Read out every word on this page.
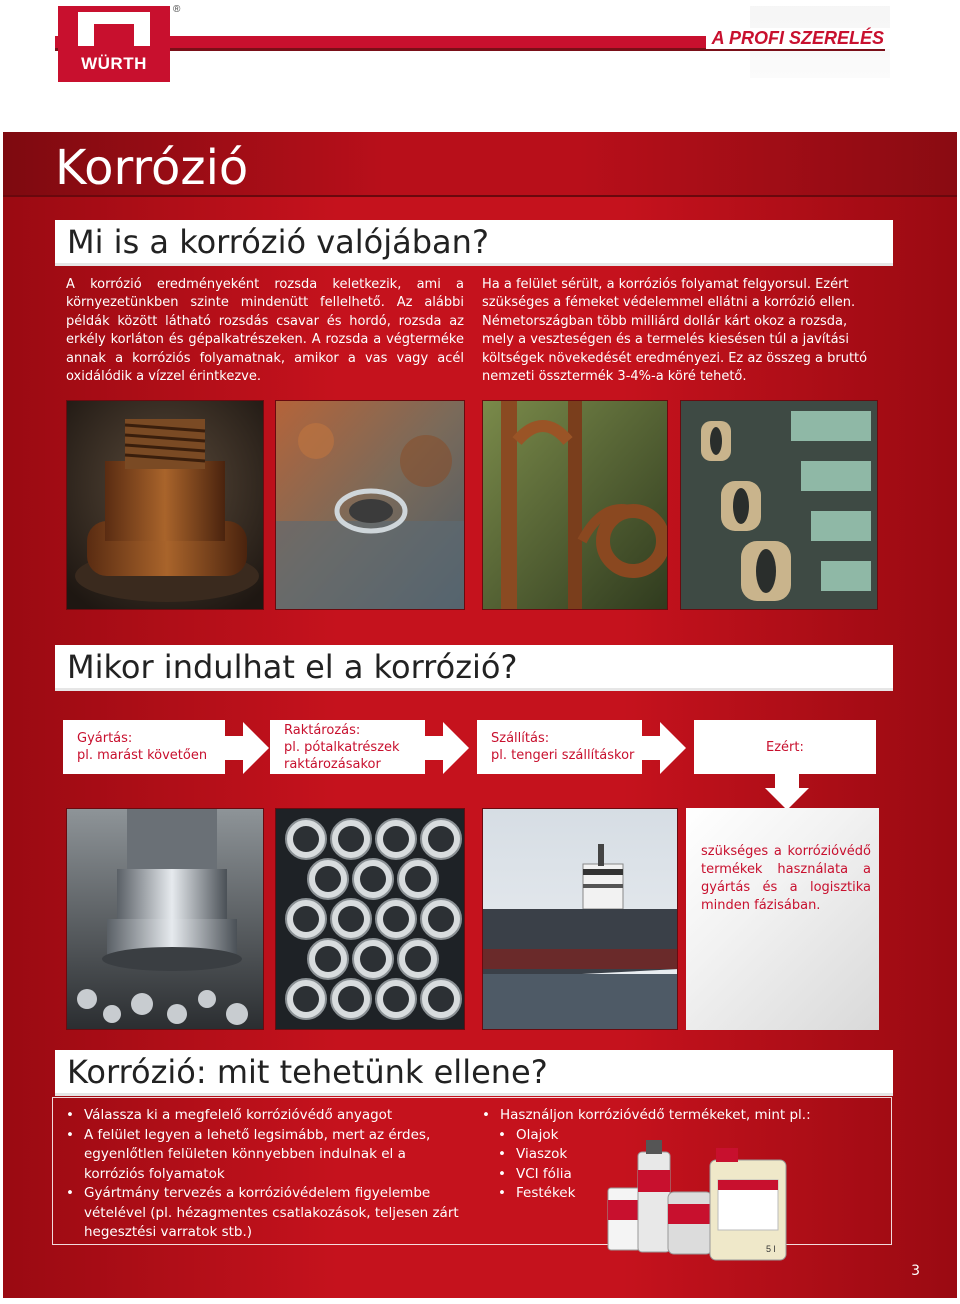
A PROFI SZERELÉS
WÜRTH
®
Korrózió
Mi is a korrózió valójában?

A korrózió eredményeként rozsda keletkezik, ami a környezetünkben szinte mindenütt fellelhető. Az alábbi példák között látható rozsdás csavar és hordó, rozsda az erkély korláton és gépalkatrészeken. A rozsda a végterméke annak a korróziós folyamatnak, amikor a vas vagy acél oxidálódik a vízzel érintkezve.

Ha a felület sérült, a korróziós folyamat felgyorsul. Ezért szükséges a fémeket védelemmel ellátni a korrózió ellen. Németországban több milliárd dollár kárt okoz a rozsda, mely a veszteségen és a termelés kiesésen túl a javítási költségek növekedését eredményezi. Ez az összeg a bruttó nemzeti össztermék 3-4%-a köré tehető.

Mikor indulhat el a korrózió?
Gyártás:
pl. marást követően
Raktározás:
pl. pótalkatrészek
raktározásakor
Szállítás:
pl. tengeri szállításkor
Ezért:
szükséges a korrózióvédő termékek használata a gyártás és a logisztika minden fázisában.
Korrózió: mit tehetünk ellene?
• Válassza ki a megfelelő korrózióvédő anyagot
• A felület legyen a lehető legsimább, mert az érdes, egyenlőtlen felületen könnyebben indulnak el a korróziós folyamatok
• Gyártmány tervezés a korrózióvédelem figyelembe vételével (pl. hézagmentes csatlakozások, teljesen zárt hegesztési varratok stb.)
• Használjon korrózióvédő termékeket, mint pl.:
• Olajok
• Viaszok
• VCI fólia
• Festékek
5 l
3
